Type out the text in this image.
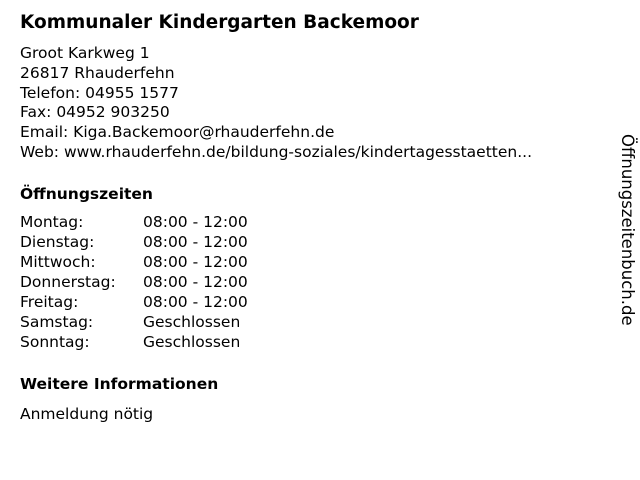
Kommunaler Kindergarten Backemoor
Groot Karkweg 1
26817 Rhauderfehn
Telefon: 04955 1577
Fax: 04952 903250
Email: Kiga.Backemoor@rhauderfehn.de
Web: www.rhauderfehn.de/bildung-soziales/kindertagesstaetten...
Öffnungszeiten
Montag:	08:00 - 12:00
Dienstag:	08:00 - 12:00
Mittwoch:	08:00 - 12:00
Donnerstag:	08:00 - 12:00
Freitag:	08:00 - 12:00
Samstag:	Geschlossen
Sonntag:	Geschlossen
Weitere Informationen
Anmeldung nötig
Öffnungszeitenbuch.de
